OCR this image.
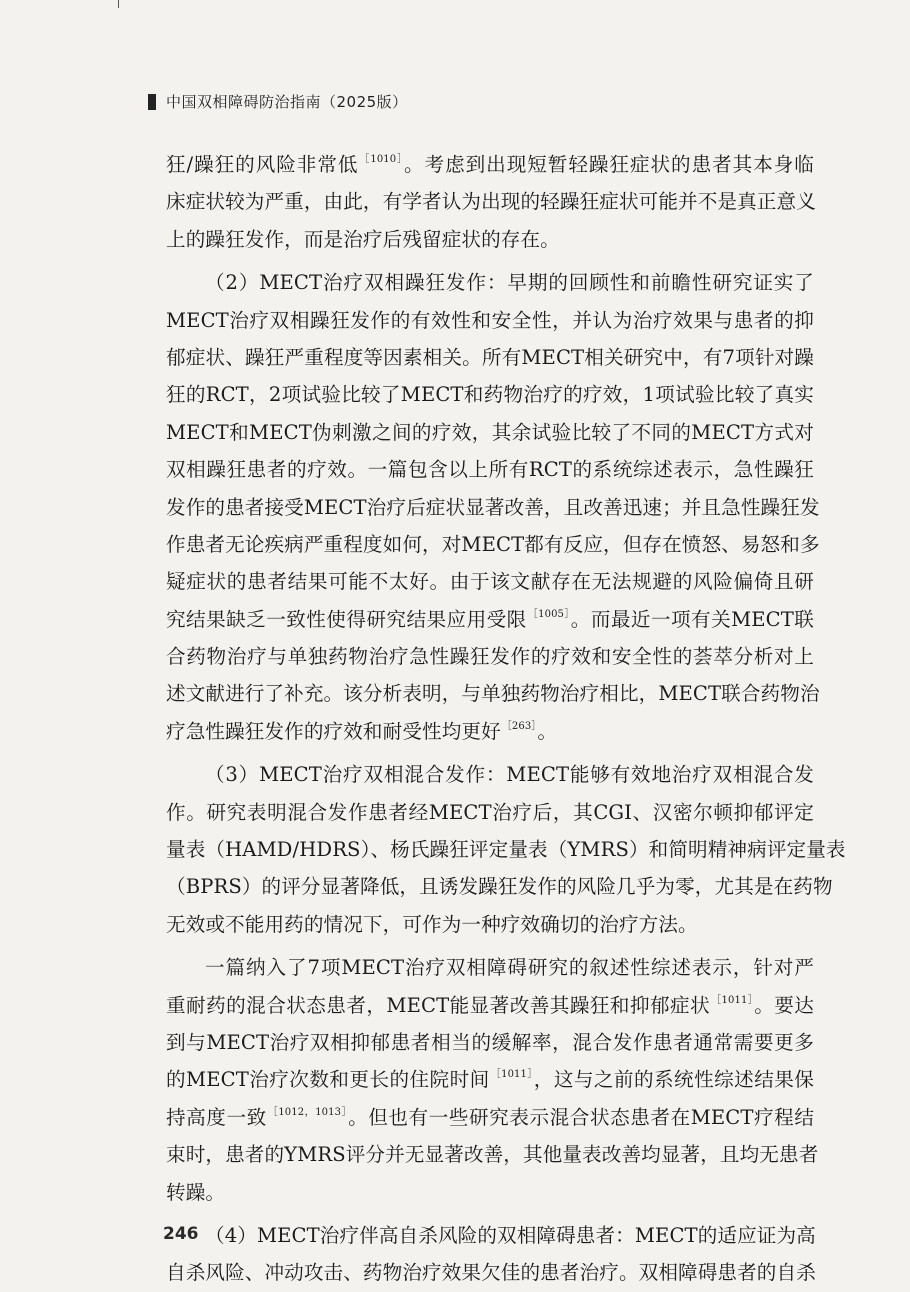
中国双相障碍防治指南（2025版）
狂/躁狂的风险非常低$^{[1010]}$。考虑到出现短暂轻躁狂症状的患者其本身临
床症状较为严重，由此，有学者认为出现的轻躁狂症状可能并不是真正意义
上的躁狂发作，而是治疗后残留症状的存在。
（2）MECT治疗双相躁狂发作：早期的回顾性和前瞻性研究证实了
MECT治疗双相躁狂发作的有效性和安全性，并认为治疗效果与患者的抑
郁症状、躁狂严重程度等因素相关。所有MECT相关研究中，有7项针对躁
狂的RCT，2项试验比较了MECT和药物治疗的疗效，1项试验比较了真实
MECT和MECT伪刺激之间的疗效，其余试验比较了不同的MECT方式对
双相躁狂患者的疗效。一篇包含以上所有RCT的系统综述表示，急性躁狂
发作的患者接受MECT治疗后症状显著改善，且改善迅速；并且急性躁狂发
作患者无论疾病严重程度如何，对MECT都有反应，但存在愤怒、易怒和多
疑症状的患者结果可能不太好。由于该文献存在无法规避的风险偏倚且研
究结果缺乏一致性使得研究结果应用受限$^{[1005]}$。而最近一项有关MECT联
合药物治疗与单独药物治疗急性躁狂发作的疗效和安全性的荟萃分析对上
述文献进行了补充。该分析表明，与单独药物治疗相比，MECT联合药物治
疗急性躁狂发作的疗效和耐受性均更好$^{[263]}$。
（3）MECT治疗双相混合发作：MECT能够有效地治疗双相混合发
作。研究表明混合发作患者经MECT治疗后，其CGI、汉密尔顿抑郁评定
量表（HAMD/HDRS）、杨氏躁狂评定量表（YMRS）和简明精神病评定量表
（BPRS）的评分显著降低，且诱发躁狂发作的风险几乎为零，尤其是在药物
无效或不能用药的情况下，可作为一种疗效确切的治疗方法。
一篇纳入了7项MECT治疗双相障碍研究的叙述性综述表示，针对严
重耐药的混合状态患者，MECT能显著改善其躁狂和抑郁症状$^{[1011]}$。要达
到与MECT治疗双相抑郁患者相当的缓解率，混合发作患者通常需要更多
的MECT治疗次数和更长的住院时间$^{[1011]}$，这与之前的系统性综述结果保
持高度一致$^{[1012,1013]}$。但也有一些研究表示混合状态患者在MECT疗程结
束时，患者的YMRS评分并无显著改善，其他量表改善均显著，且均无患者
转躁。
（4）MECT治疗伴高自杀风险的双相障碍患者：MECT的适应证为高
自杀风险、冲动攻击、药物治疗效果欠佳的患者治疗。双相障碍患者的自杀
246
